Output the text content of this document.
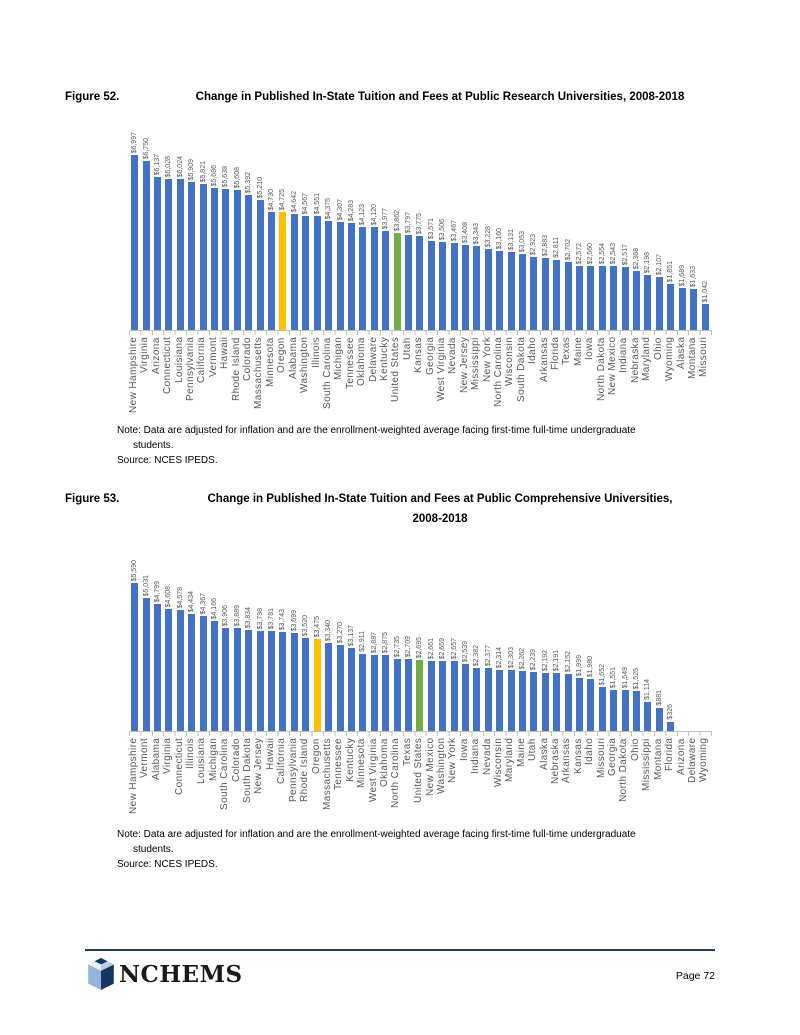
Figure 52.	Change in Published In-State Tuition and Fees at Public Research Universities, 2008-2018
$6,997 $6,750
$6,137 $6,028 $6,024 $5,909 $5,821 $5,686 $5,638 $5,608 $5,392 $5,210
$4,730 $4,725 $4,642 $4,567 $4,551 $4,375 $4,307 $4,283 $4,123 $4,120 $3,977 $3,862 $3,797 $3,775 $3,571 $3,506 $3,467 $3,408 $3,343 $3,228 $3,160 $3,131 $3,053 $2,923 $2,883 $2,811 $2,702 $2,572 $2,560 $2,554 $2,543 $2,517 $2,368 $2,198 $2,107 $1,851 $1,689 $1,633
$1,042
New Hampshire Virginia Arizona Connecticut Louisiana Pennsylvania California Vermont Hawaii Rhode Island Colorado Massachusetts Minnesota Oregon Alabama Washington Illinois South Carolina Michigan Tennessee Oklahoma Delaware Kentucky United States Utah Kansas Georgia West Virginia Nevada New Jersey Mississippi New York North Carolina Wisconsin South Dakota Idaho Arkansas Florida Texas Maine Iowa North Dakota New Mexico Indiana Nebraska Maryland Ohio Wyoming Alaska Montana Missouri
Note: Data are adjusted for inflation and are the enrollment-weighted average facing first-time full-time undergraduate
students.
Source: NCES IPEDS.
Figure 53.	Change in Published In-State Tuition and Fees at Public Comprehensive Universities,
2008-2018
$5,590
$5,031 $4,799 $4,608 $4,578 $4,434 $4,367 $4,166 $3,906 $3,889 $3,834 $3,798 $3,781 $3,743 $3,699 $3,520 $3,475 $3,340 $3,270 $3,137 $2,911 $2,887 $2,875 $2,735 $2,709 $2,695 $2,661 $2,659 $2,657 $2,539 $2,382 $2,377 $2,314 $2,303 $2,262 $2,239 $2,192 $2,191 $2,152 $1,999 $1,980 $1,652 $1,551 $1,549 $1,525
$1,114 $881
$326
New Hampshire Vermont Alabama Virginia Connecticut Illinois Louisiana Michigan South Carolina Colorado South Dakota New Jersey Hawaii California Pennsylvania Rhode Island Oregon Massachusetts Tennessee Kentucky Minnesota West Virginia Oklahoma North Carolina Texas United States New Mexico Washington New York Iowa Indiana Nevada Wisconsin Maryland Maine Utah Alaska Nebraska Arkansas Kansas Idaho Missouri Georgia North Dakota Ohio Mississippi Montana Florida Arizona Delaware Wyoming
Note: Data are adjusted for inflation and are the enrollment-weighted average facing first-time full-time undergraduate
students.
Source: NCES IPEDS.
NCHEMS	Page 72
